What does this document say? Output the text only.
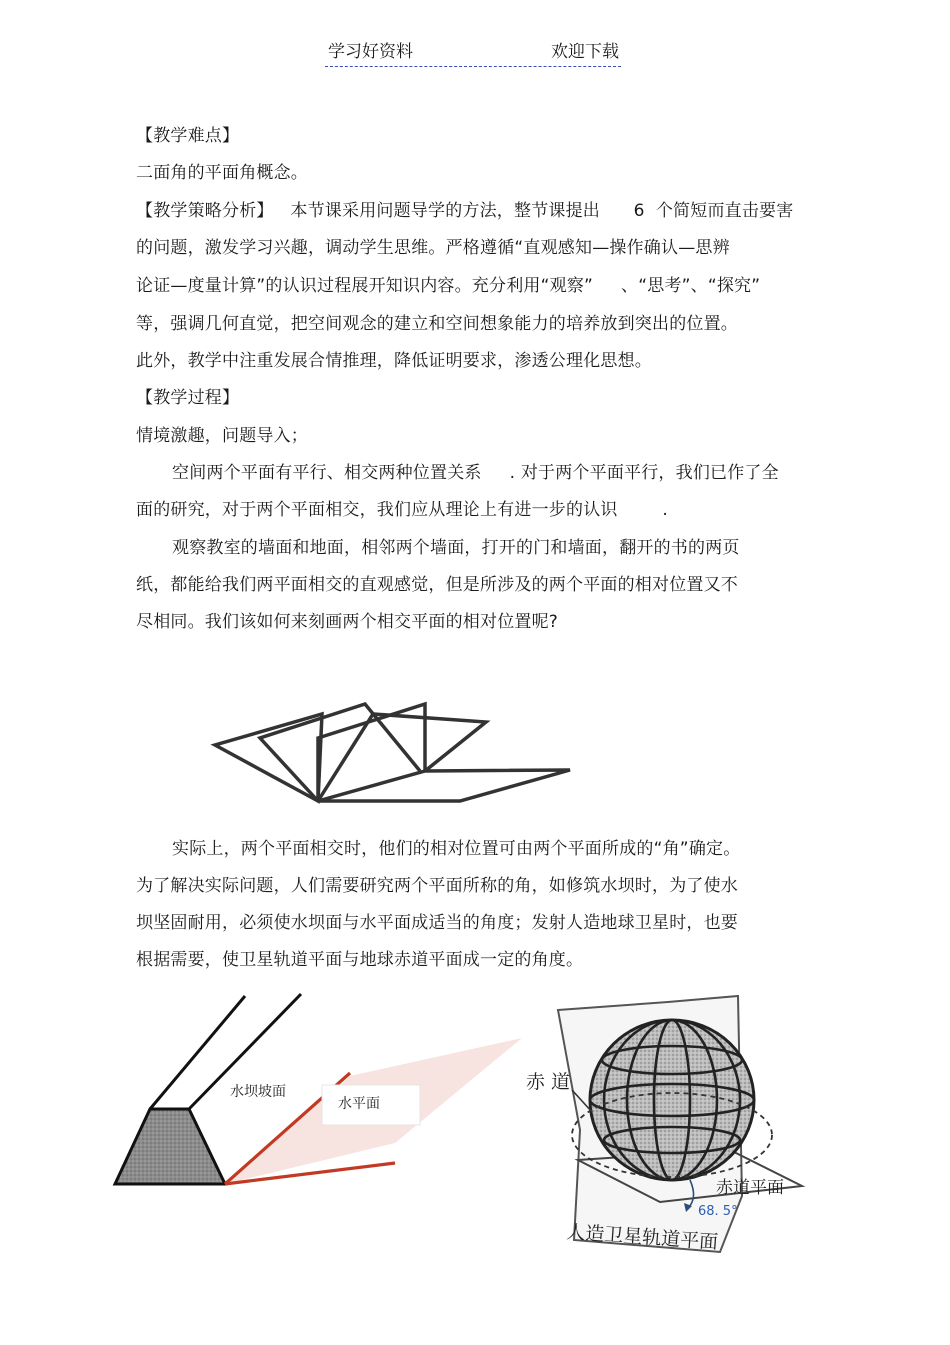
学习好资料	欢迎下载
【教学难点】
二面角的平面角概念。
【教学策略分析】   本节课采用问题导学的方法，整节课提出      6  个简短而直击要害
的问题，激发学习兴趣，调动学生思维。严格遵循“直观感知—操作确认—思辨
论证—度量计算”的认识过程展开知识内容。充分利用“观察”     、“思考”、“探究”
等，强调几何直觉，把空间观念的建立和空间想象能力的培养放到突出的位置。
此外，教学中注重发展合情推理，降低证明要求，渗透公理化思想。
【教学过程】
情境激趣，问题导入；
空间两个平面有平行、相交两种位置关系     . 对于两个平面平行，我们已作了全
面的研究，对于两个平面相交，我们应从理论上有进一步的认识        .
观察教室的墙面和地面，相邻两个墙面，打开的门和墙面，翻开的书的两页
纸，都能给我们两平面相交的直观感觉，但是所涉及的两个平面的相对位置又不
尽相同。我们该如何来刻画两个相交平面的相对位置呢?
实际上，两个平面相交时，他们的相对位置可由两个平面所成的“角”确定。
为了解决实际问题，人们需要研究两个平面所称的角，如修筑水坝时，为了使水
坝坚固耐用，必须使水坝面与水平面成适当的角度；发射人造地球卫星时，也要
根据需要，使卫星轨道平面与地球赤道平面成一定的角度。
水坝坡面
水平面
赤 道
赤道平面
68. 5°
人造卫星轨道平面
